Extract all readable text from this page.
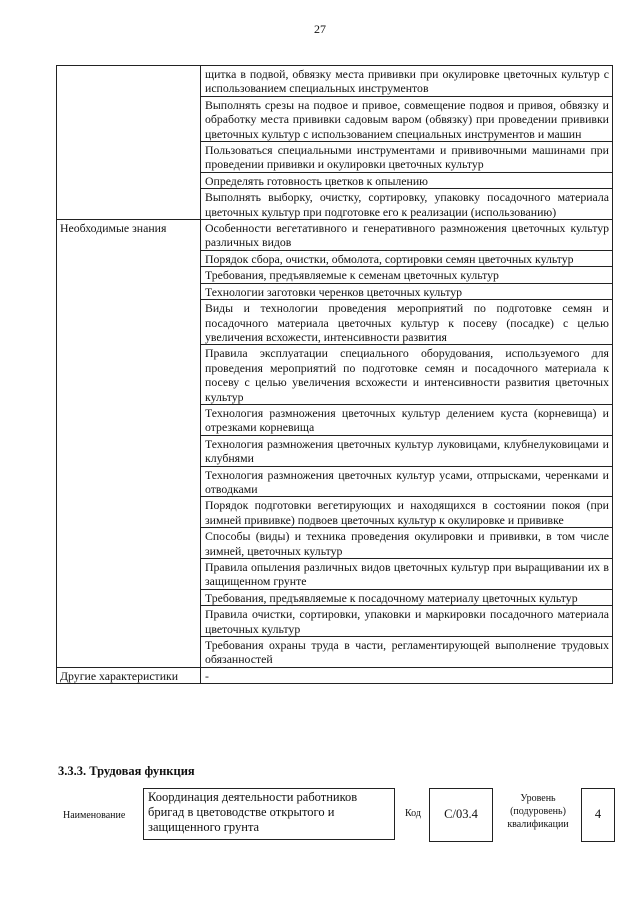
27
	щитка в подвой, обвязку места прививки при окулировке цветочных культур с использованием специальных инструментов
	Выполнять срезы на подвое и привое, совмещение подвоя и привоя, обвязку и обработку места прививки садовым варом (обвязку) при проведении прививки цветочных культур с использованием специальных инструментов и машин
	Пользоваться специальными инструментами и прививочными машинами при проведении прививки и окулировки цветочных культур
	Определять готовность цветков к опылению
	Выполнять выборку, очистку, сортировку, упаковку посадочного материала цветочных культур при подготовке его к реализации (использованию)
Необходимые знания	Особенности вегетативного и генеративного размножения цветочных культур различных видов
	Порядок сбора, очистки, обмолота, сортировки семян цветочных культур
	Требования, предъявляемые к семенам цветочных культур
	Технологии заготовки черенков цветочных культур
	Виды и технологии проведения мероприятий по подготовке семян и посадочного материала цветочных культур к посеву (посадке) с целью увеличения всхожести, интенсивности развития
	Правила эксплуатации специального оборудования, используемого для проведения мероприятий по подготовке семян и посадочного материала к посеву с целью увеличения всхожести и интенсивности развития цветочных культур
	Технология размножения цветочных культур делением куста (корневища) и отрезками корневища
	Технология размножения цветочных культур луковицами, клубнелуковицами и клубнями
	Технология размножения цветочных культур усами, отпрысками, черенками и отводками
	Порядок подготовки вегетирующих и находящихся в состоянии покоя (при зимней прививке) подвоев цветочных культур к окулировке и прививке
	Способы (виды) и техника проведения окулировки и прививки, в том числе зимней, цветочных культур
	Правила опыления различных видов цветочных культур при выращивании их в защищенном грунте
	Требования, предъявляемые к посадочному материалу цветочных культур
	Правила очистки, сортировки, упаковки и маркировки посадочного материала цветочных культур
	Требования охраны труда в части, регламентирующей выполнение трудовых обязанностей
Другие характеристики	-
3.3.3. Трудовая функция
Наименование
Координация деятельности работников бригад в цветоводстве открытого и защищенного грунта
Код	С/03.4
Уровень (подуровень) квалификации
4
